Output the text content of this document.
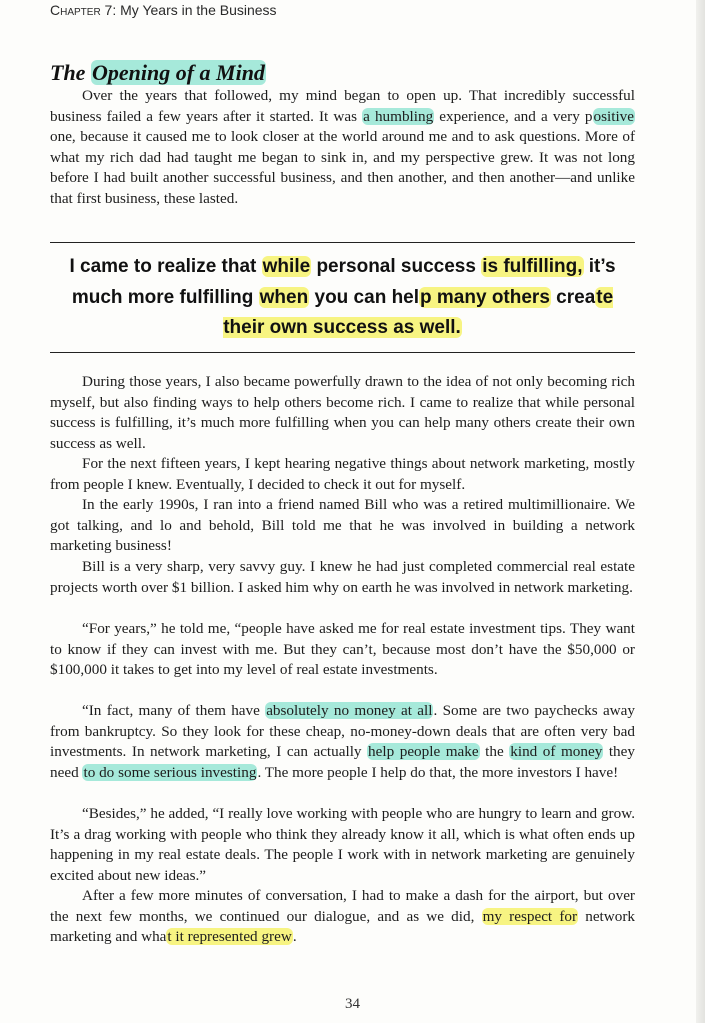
Chapter 7: My Years in the Business
The Opening of a Mind

Over the years that followed, my mind began to open up. That incredibly successful business failed a few years after it started. It was a humbling experience, and a very positive one, because it caused me to look closer at the world around me and to ask questions. More of what my rich dad had taught me began to sink in, and my perspective grew. It was not long before I had built another successful business, and then another, and then another—and unlike that first business, these lasted.

I came to realize that while personal success is fulfilling, it’s much more fulfilling when you can help many others create their own success as well.

During those years, I also became powerfully drawn to the idea of not only becoming rich myself, but also finding ways to help others become rich. I came to realize that while personal success is fulfilling, it’s much more fulfilling when you can help many others create their own success as well.

For the next fifteen years, I kept hearing negative things about network marketing, mostly from people I knew. Eventually, I decided to check it out for myself.

In the early 1990s, I ran into a friend named Bill who was a retired multimillionaire. We got talking, and lo and behold, Bill told me that he was involved in building a network marketing business!

Bill is a very sharp, very savvy guy. I knew he had just completed commercial real estate projects worth over $1 billion. I asked him why on earth he was involved in network marketing.

“For years,” he told me, “people have asked me for real estate investment tips. They want to know if they can invest with me. But they can’t, because most don’t have the $50,000 or $100,000 it takes to get into my level of real estate investments.

“In fact, many of them have absolutely no money at all. Some are two paychecks away from bankruptcy. So they look for these cheap, no-money-down deals that are often very bad investments. In network marketing, I can actually help people make the kind of money they need to do some serious investing. The more people I help do that, the more investors I have!

“Besides,” he added, “I really love working with people who are hungry to learn and grow. It’s a drag working with people who think they already know it all, which is what often ends up happening in my real estate deals. The people I work with in network marketing are genuinely excited about new ideas.”

After a few more minutes of conversation, I had to make a dash for the airport, but over the next few months, we continued our dialogue, and as we did, my respect for network marketing and what it represented grew.

34
